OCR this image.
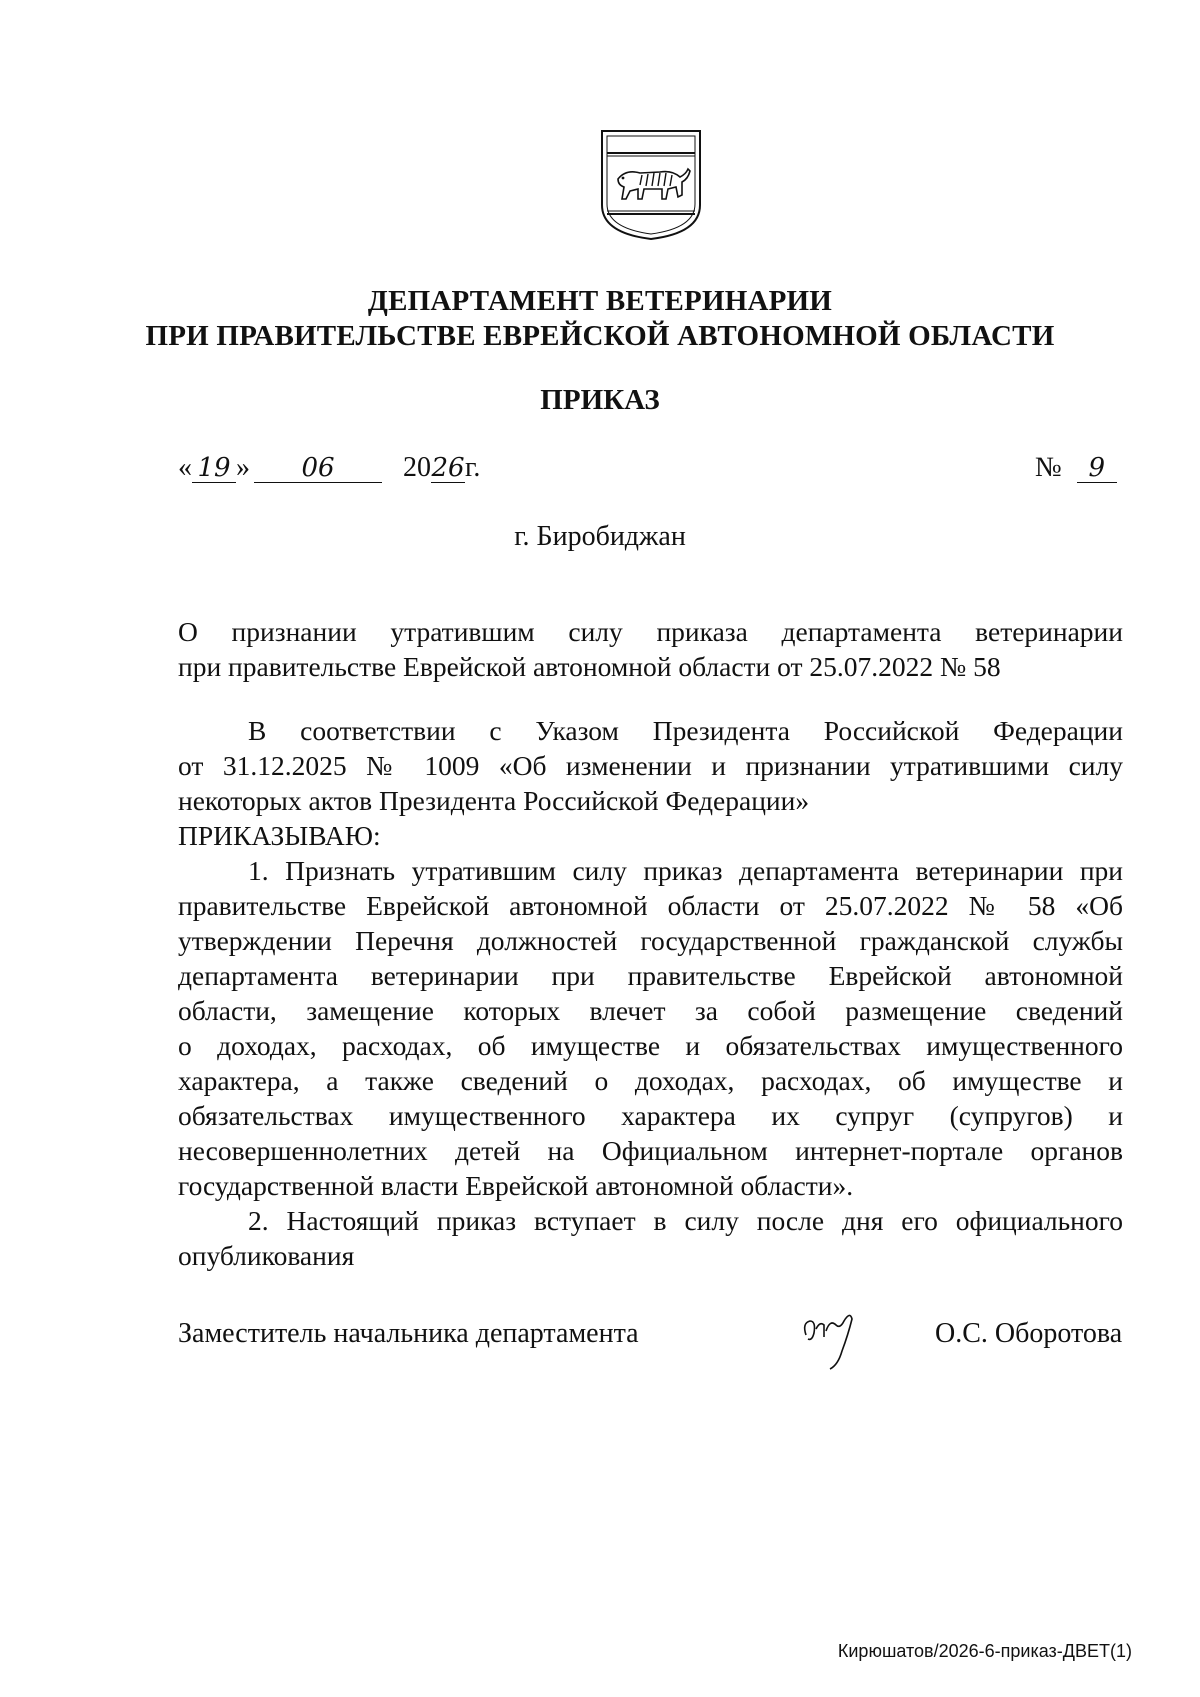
ДЕПАРТАМЕНТ ВЕТЕРИНАРИИ
ПРИ ПРАВИТЕЛЬСТВЕ ЕВРЕЙСКОЙ АВТОНОМНОЙ ОБЛАСТИ
ПРИКАЗ
« 19 » 06 2026г.	№ 9
г. Биробиджан
О признании утратившим силу приказа департамента ветеринарии
при правительстве Еврейской автономной области от 25.07.2022 № 58
В соответствии с Указом Президента Российской Федерации
от 31.12.2025 № 1009 «Об изменении и признании утратившими силу
некоторых актов Президента Российской Федерации»
ПРИКАЗЫВАЮ:
1. Признать утратившим силу приказ департамента ветеринарии при
правительстве Еврейской автономной области от 25.07.2022 № 58 «Об
утверждении Перечня должностей государственной гражданской службы
департамента ветеринарии при правительстве Еврейской автономной
области, замещение которых влечет за собой размещение сведений
о доходах, расходах, об имуществе и обязательствах имущественного
характера, а также сведений о доходах, расходах, об имуществе и
обязательствах имущественного характера их супруг (супругов) и
несовершеннолетних детей на Официальном интернет-портале органов
государственной власти Еврейской автономной области».
2. Настоящий приказ вступает в силу после дня его официального
опубликования
Заместитель начальника департамента	О.С. Оборотова
Кирюшатов/2026-6-приказ-ДВЕТ(1)
